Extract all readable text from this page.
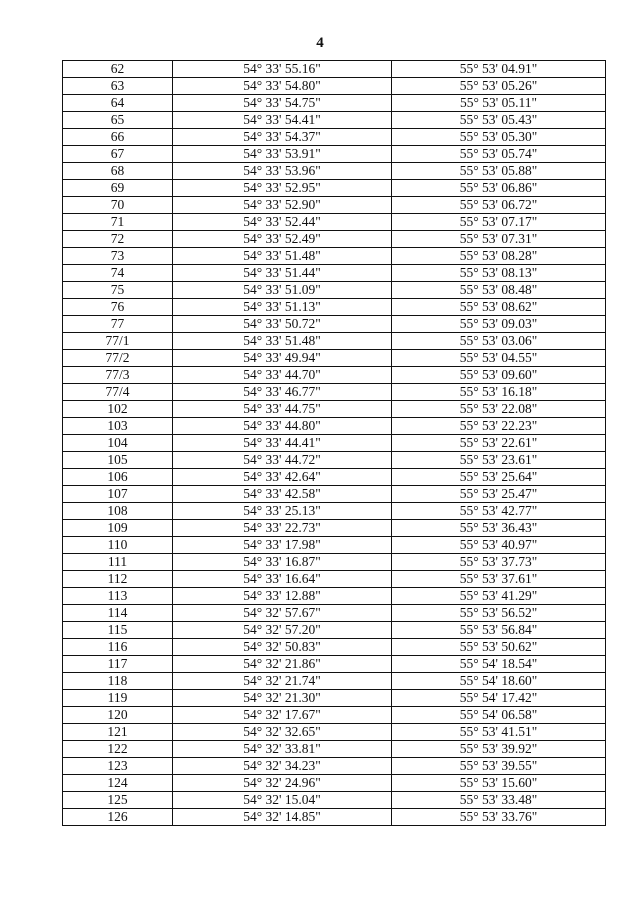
4
62	54° 33' 55.16"	55° 53' 04.91"
63	54° 33' 54.80"	55° 53' 05.26"
64	54° 33' 54.75"	55° 53' 05.11"
65	54° 33' 54.41"	55° 53' 05.43"
66	54° 33' 54.37"	55° 53' 05.30"
67	54° 33' 53.91"	55° 53' 05.74"
68	54° 33' 53.96"	55° 53' 05.88"
69	54° 33' 52.95"	55° 53' 06.86"
70	54° 33' 52.90"	55° 53' 06.72"
71	54° 33' 52.44"	55° 53' 07.17"
72	54° 33' 52.49"	55° 53' 07.31"
73	54° 33' 51.48"	55° 53' 08.28"
74	54° 33' 51.44"	55° 53' 08.13"
75	54° 33' 51.09"	55° 53' 08.48"
76	54° 33' 51.13"	55° 53' 08.62"
77	54° 33' 50.72"	55° 53' 09.03"
77/1	54° 33' 51.48"	55° 53' 03.06"
77/2	54° 33' 49.94"	55° 53' 04.55"
77/3	54° 33' 44.70"	55° 53' 09.60"
77/4	54° 33' 46.77"	55° 53' 16.18"
102	54° 33' 44.75"	55° 53' 22.08"
103	54° 33' 44.80"	55° 53' 22.23"
104	54° 33' 44.41"	55° 53' 22.61"
105	54° 33' 44.72"	55° 53' 23.61"
106	54° 33' 42.64"	55° 53' 25.64"
107	54° 33' 42.58"	55° 53' 25.47"
108	54° 33' 25.13"	55° 53' 42.77"
109	54° 33' 22.73"	55° 53' 36.43"
110	54° 33' 17.98"	55° 53' 40.97"
111	54° 33' 16.87"	55° 53' 37.73"
112	54° 33' 16.64"	55° 53' 37.61"
113	54° 33' 12.88"	55° 53' 41.29"
114	54° 32' 57.67"	55° 53' 56.52"
115	54° 32' 57.20"	55° 53' 56.84"
116	54° 32' 50.83"	55° 53' 50.62"
117	54° 32' 21.86"	55° 54' 18.54"
118	54° 32' 21.74"	55° 54' 18.60"
119	54° 32' 21.30"	55° 54' 17.42"
120	54° 32' 17.67"	55° 54' 06.58"
121	54° 32' 32.65"	55° 53' 41.51"
122	54° 32' 33.81"	55° 53' 39.92"
123	54° 32' 34.23"	55° 53' 39.55"
124	54° 32' 24.96"	55° 53' 15.60"
125	54° 32' 15.04"	55° 53' 33.48"
126	54° 32' 14.85"	55° 53' 33.76"
